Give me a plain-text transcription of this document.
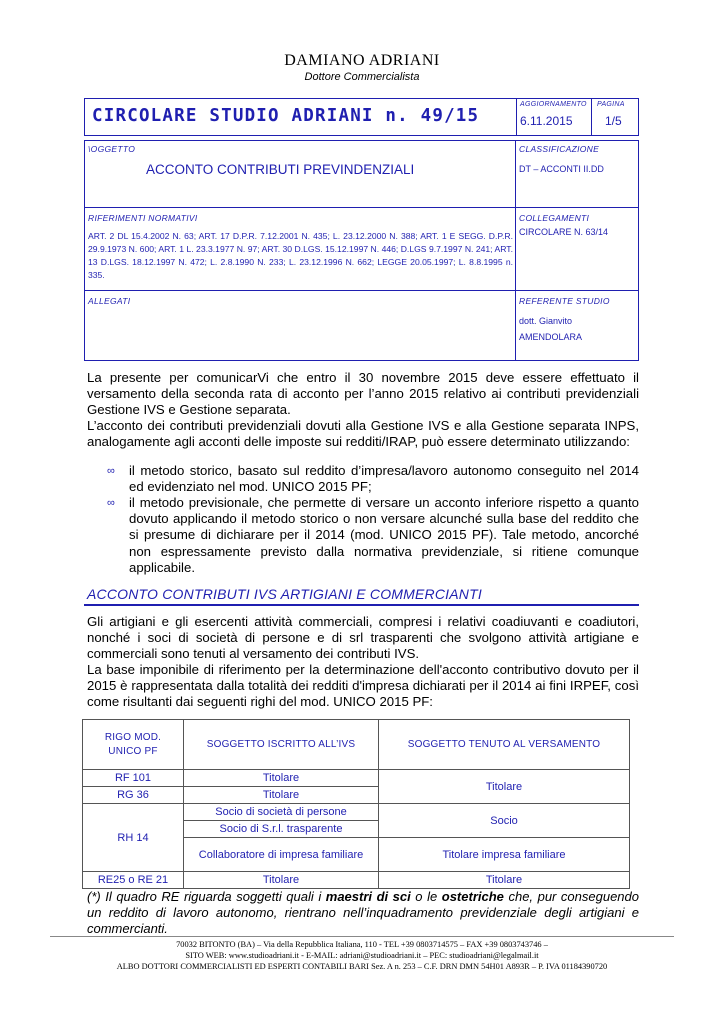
DAMIANO ADRIANI
Dottore Commercialista
CIRCOLARE STUDIO ADRIANI n. 49/15
AGGIORNAMENTO PAGINA
6.11.2015	1/5
\OGGETTO
ACCONTO CONTRIBUTI PREVINDENZIALI
CLASSIFICAZIONE
DT – ACCONTI II.DD
RIFERIMENTI NORMATIVI
ART. 2 DL 15.4.2002 N. 63; ART. 17 D.P.R. 7.12.2001 N. 435; L. 23.12.2000 N. 388; ART. 1 E SEGG. D.P.R. 29.9.1973 N. 600; ART. 1 L. 23.3.1977 N. 97; ART. 30 D.LGS. 15.12.1997 N. 446; D.LGS 9.7.1997 N. 241; ART. 13 D.LGS. 18.12.1997 N. 472; L. 2.8.1990 N. 233; L. 23.12.1996 N. 662; LEGGE 20.05.1997; L. 8.8.1995 n. 335.
COLLEGAMENTI
CIRCOLARE N. 63/14
ALLEGATI	REFERENTE STUDIO
dott. Gianvito AMENDOLARA
La presente per comunicarVi che entro il 30 novembre 2015 deve essere effettuato il versamento della seconda rata di acconto per l’anno 2015 relativo ai contributi previdenziali Gestione IVS e Gestione separata.
L’acconto dei contributi previdenziali dovuti alla Gestione IVS e alla Gestione separata INPS, analogamente agli acconti delle imposte sui redditi/IRAP, può essere determinato utilizzando:
∞ il metodo storico, basato sul reddito d’impresa/lavoro autonomo conseguito nel 2014 ed evidenziato nel mod. UNICO 2015 PF;
∞ il metodo previsionale, che permette di versare un acconto inferiore rispetto a quanto dovuto applicando il metodo storico o non versare alcunché sulla base del reddito che si presume di dichiarare per il 2014 (mod. UNICO 2015 PF). Tale metodo, ancorché non espressamente previsto dalla normativa previdenziale, si ritiene comunque applicabile.
ACCONTO CONTRIBUTI IVS ARTIGIANI E COMMERCIANTI
Gli artigiani e gli esercenti attività commerciali, compresi i relativi coadiuvanti e coadiutori, nonché i soci di società di persone e di srl trasparenti che svolgono attività artigiane e commerciali sono tenuti al versamento dei contributi IVS.
La base imponibile di riferimento per la determinazione dell'acconto contributivo dovuto per il 2015 è rappresentata dalla totalità dei redditi d'impresa dichiarati per il 2014 ai fini IRPEF, così come risultanti dai seguenti righi del mod. UNICO 2015 PF:
RIGO MOD. UNICO PF	SOGGETTO ISCRITTO ALL’IVS	SOGGETTO TENUTO AL VERSAMENTO
RF 101	Titolare	Titolare
RG 36	Titolare	
RH 14	Socio di società di persone	Socio
	Socio di S.r.l. trasparente	
	Collaboratore di impresa familiare	Titolare impresa familiare
RE25 o RE 21	Titolare	Titolare
(*) Il quadro RE riguarda soggetti quali i maestri di sci o le ostetriche che, pur conseguendo un reddito di lavoro autonomo, rientrano nell’inquadramento previdenziale degli artigiani e commercianti.
70032 BITONTO (BA) – Via della Repubblica Italiana, 110 - TEL +39 0803714575 – FAX +39 0803743746 –
SITO WEB: www.studioadriani.it - E-MAIL: adriani@studioadriani.it – PEC: studioadriani@legalmail.it
ALBO DOTTORI COMMERCIALISTI ED ESPERTI CONTABILI BARI Sez. A n. 253 – C.F. DRN DMN 54H01 A893R – P. IVA 01184390720
